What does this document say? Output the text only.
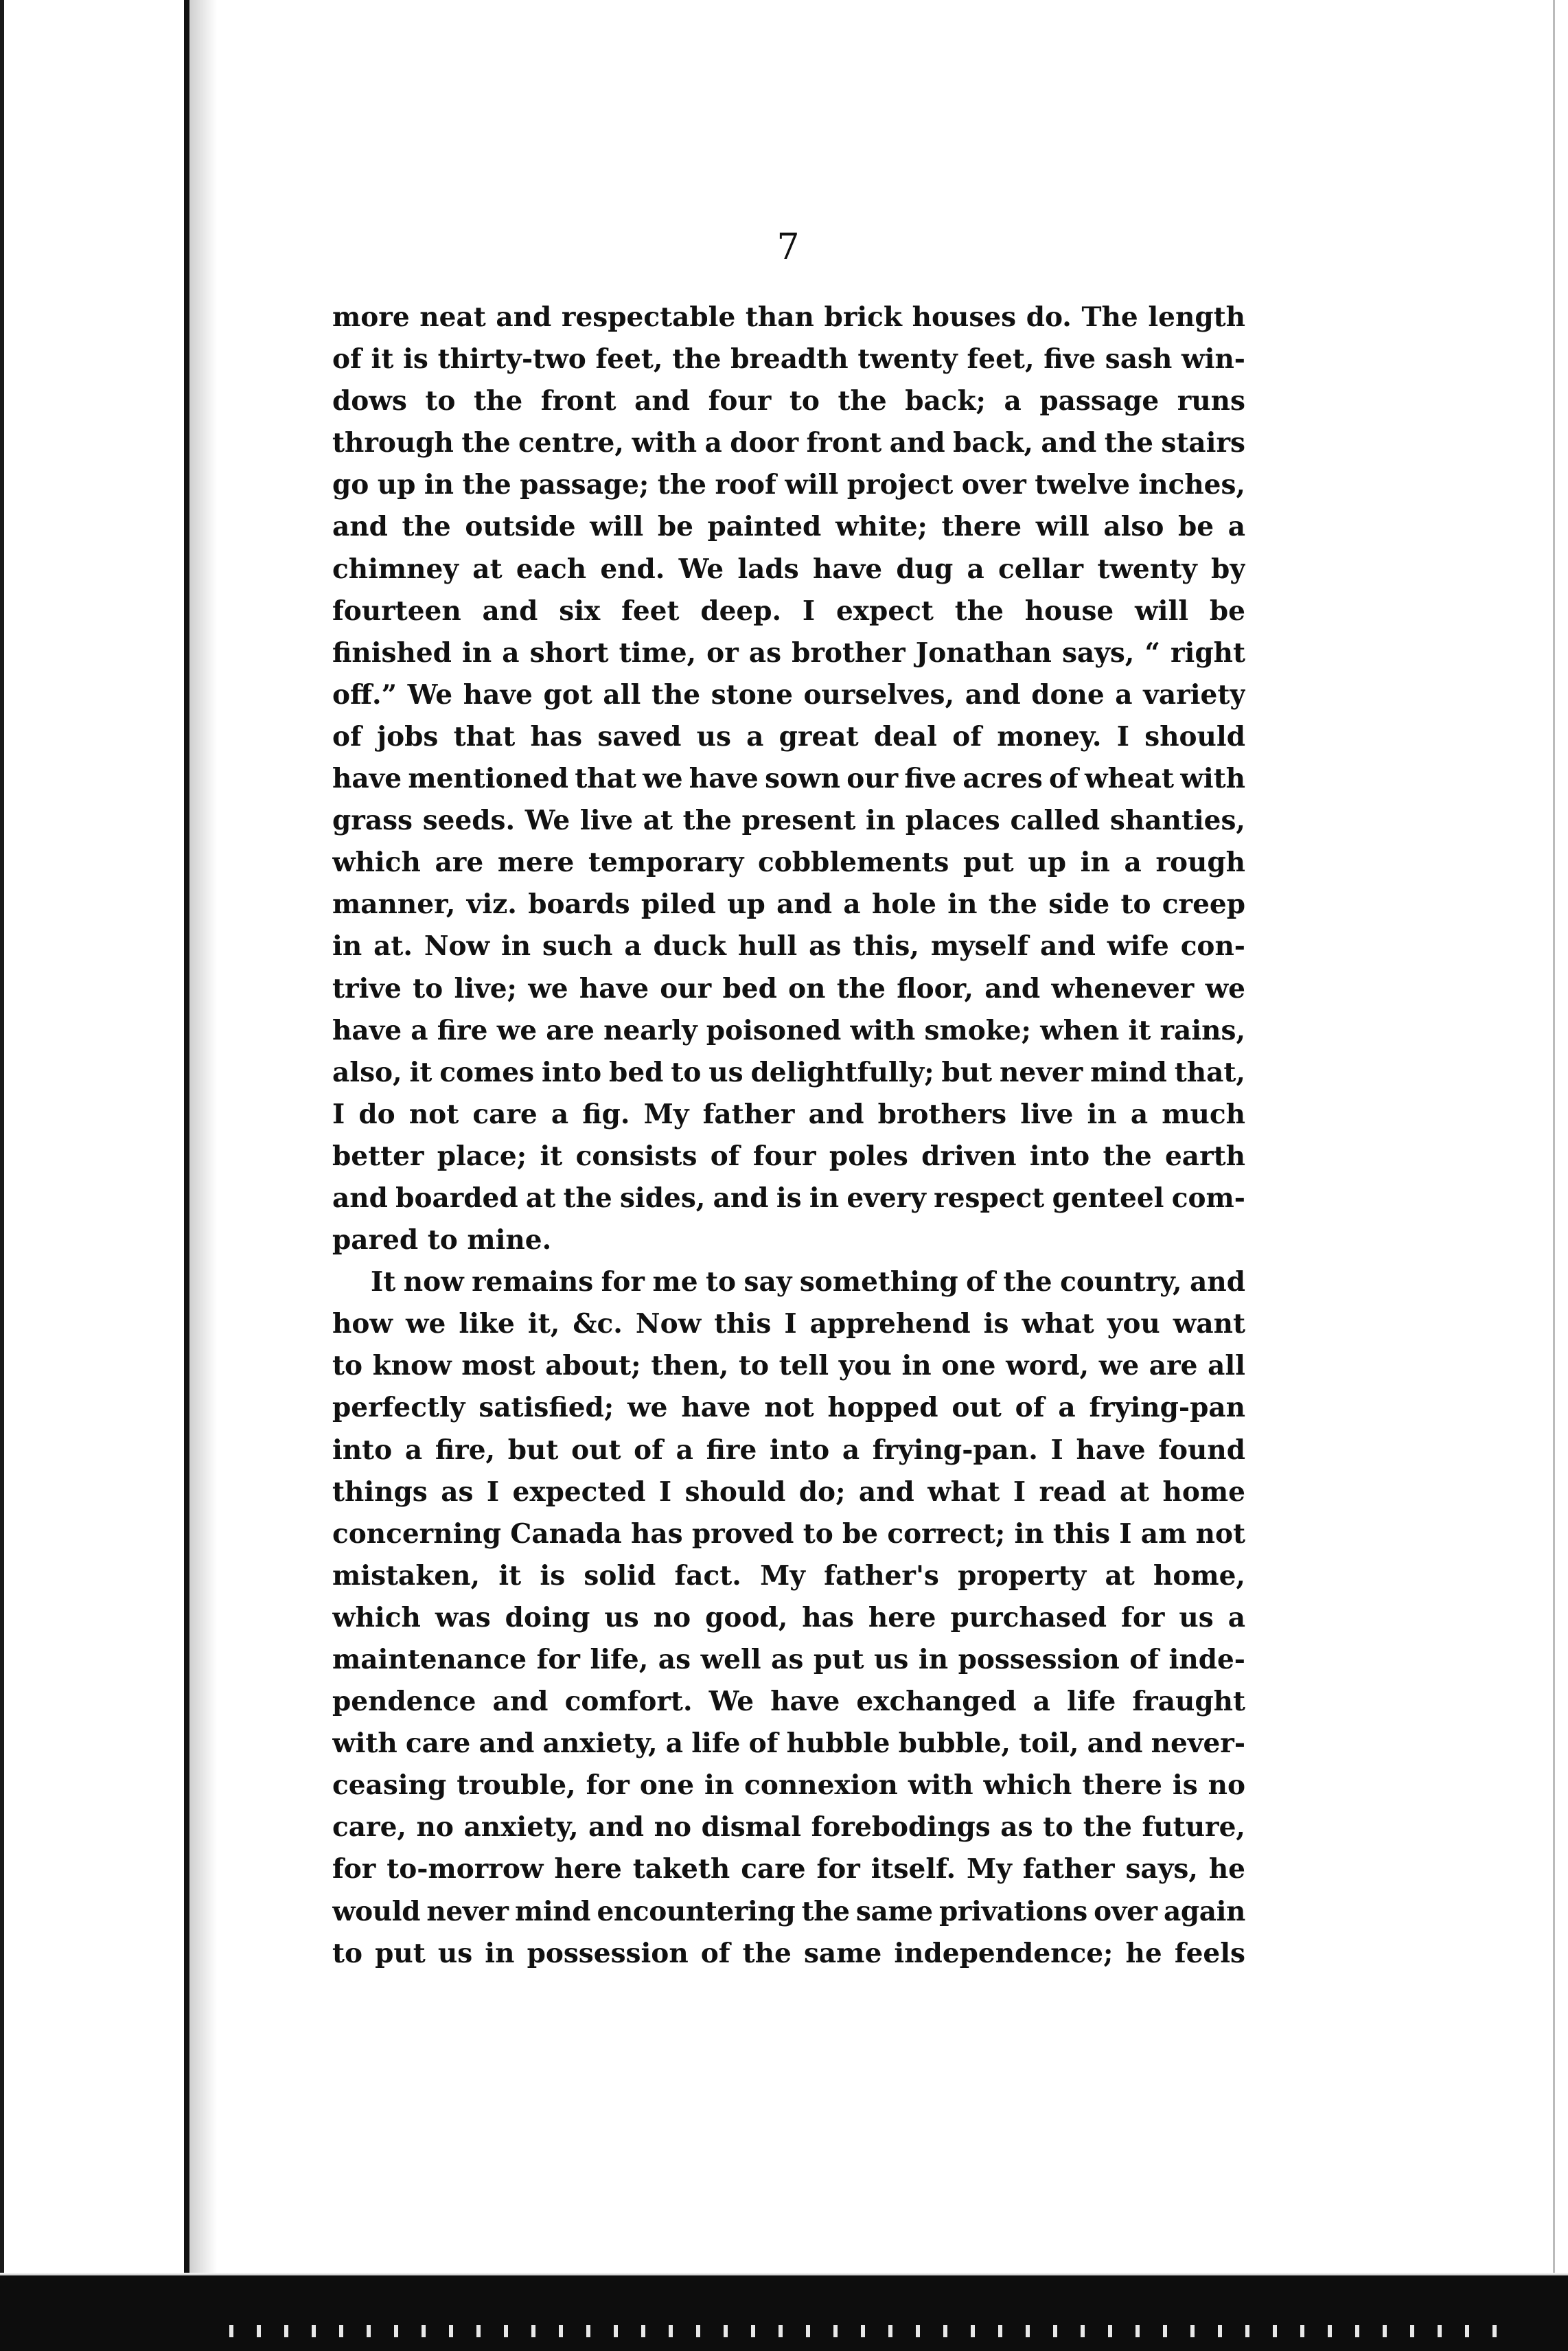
7
more neat and respectable than brick houses do. The length
of it is thirty-two feet, the breadth twenty feet, five sash win-
dows to the front and four to the back; a passage runs
through the centre, with a door front and back, and the stairs
go up in the passage; the roof will project over twelve inches,
and the outside will be painted white; there will also be a
chimney at each end. We lads have dug a cellar twenty by
fourteen and six feet deep. I expect the house will be
finished in a short time, or as brother Jonathan says, “ right
off.” We have got all the stone ourselves, and done a variety
of jobs that has saved us a great deal of money. I should
have mentioned that we have sown our five acres of wheat with
grass seeds. We live at the present in places called shanties,
which are mere temporary cobblements put up in a rough
manner, viz. boards piled up and a hole in the side to creep
in at. Now in such a duck hull as this, myself and wife con-
trive to live; we have our bed on the floor, and whenever we
have a fire we are nearly poisoned with smoke; when it rains,
also, it comes into bed to us delightfully; but never mind that,
I do not care a fig. My father and brothers live in a much
better place; it consists of four poles driven into the earth
and boarded at the sides, and is in every respect genteel com-
pared to mine.
It now remains for me to say something of the country, and
how we like it, &c. Now this I apprehend is what you want
to know most about; then, to tell you in one word, we are all
perfectly satisfied; we have not hopped out of a frying-pan
into a fire, but out of a fire into a frying-pan. I have found
things as I expected I should do; and what I read at home
concerning Canada has proved to be correct; in this I am not
mistaken, it is solid fact. My father's property at home,
which was doing us no good, has here purchased for us a
maintenance for life, as well as put us in possession of inde-
pendence and comfort. We have exchanged a life fraught
with care and anxiety, a life of hubble bubble, toil, and never-
ceasing trouble, for one in connexion with which there is no
care, no anxiety, and no dismal forebodings as to the future,
for to-morrow here taketh care for itself. My father says, he
would never mind encountering the same privations over again
to put us in possession of the same independence; he feels
